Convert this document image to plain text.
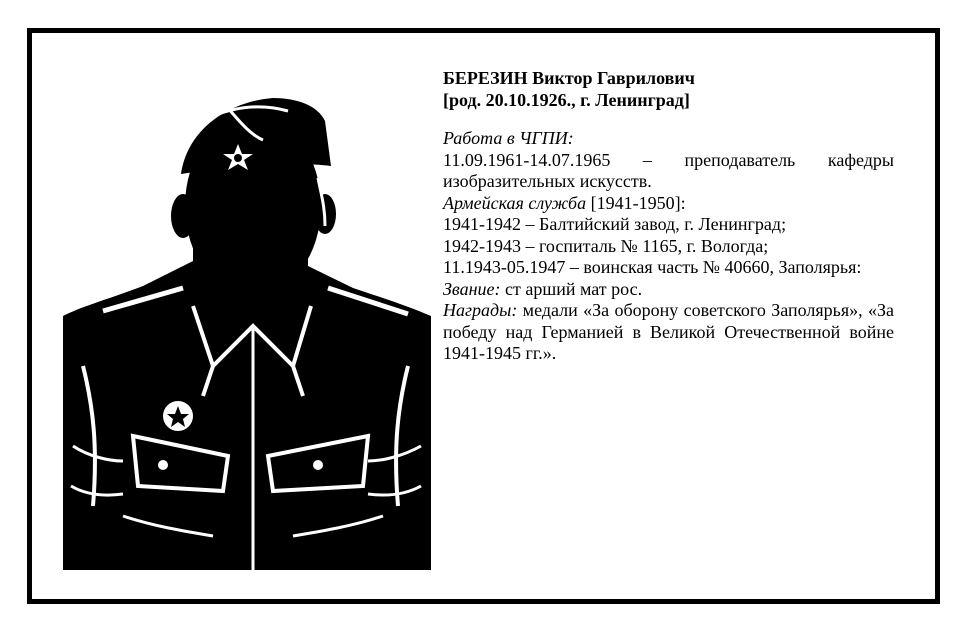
БЕРЕЗИН Виктор Гаврилович
[род. 20.10.1926., г. Ленинград]
Работа в ЧГПИ:
11.09.1961-14.07.1965 – преподаватель кафедры изобразительных искусств.
Армейская служба [1941-1950]:
1941-1942 – Балтийский завод, г. Ленинград;
1942-1943 – госпиталь № 1165, г. Вологда;
11.1943-05.1947 – воинская часть № 40660, Заполярья:
Звание: ст арший мат рос.
Награды: медали «За оборону советского Заполярья», «За победу над Германией в Великой Отечественной войне 1941-1945 гг.».
